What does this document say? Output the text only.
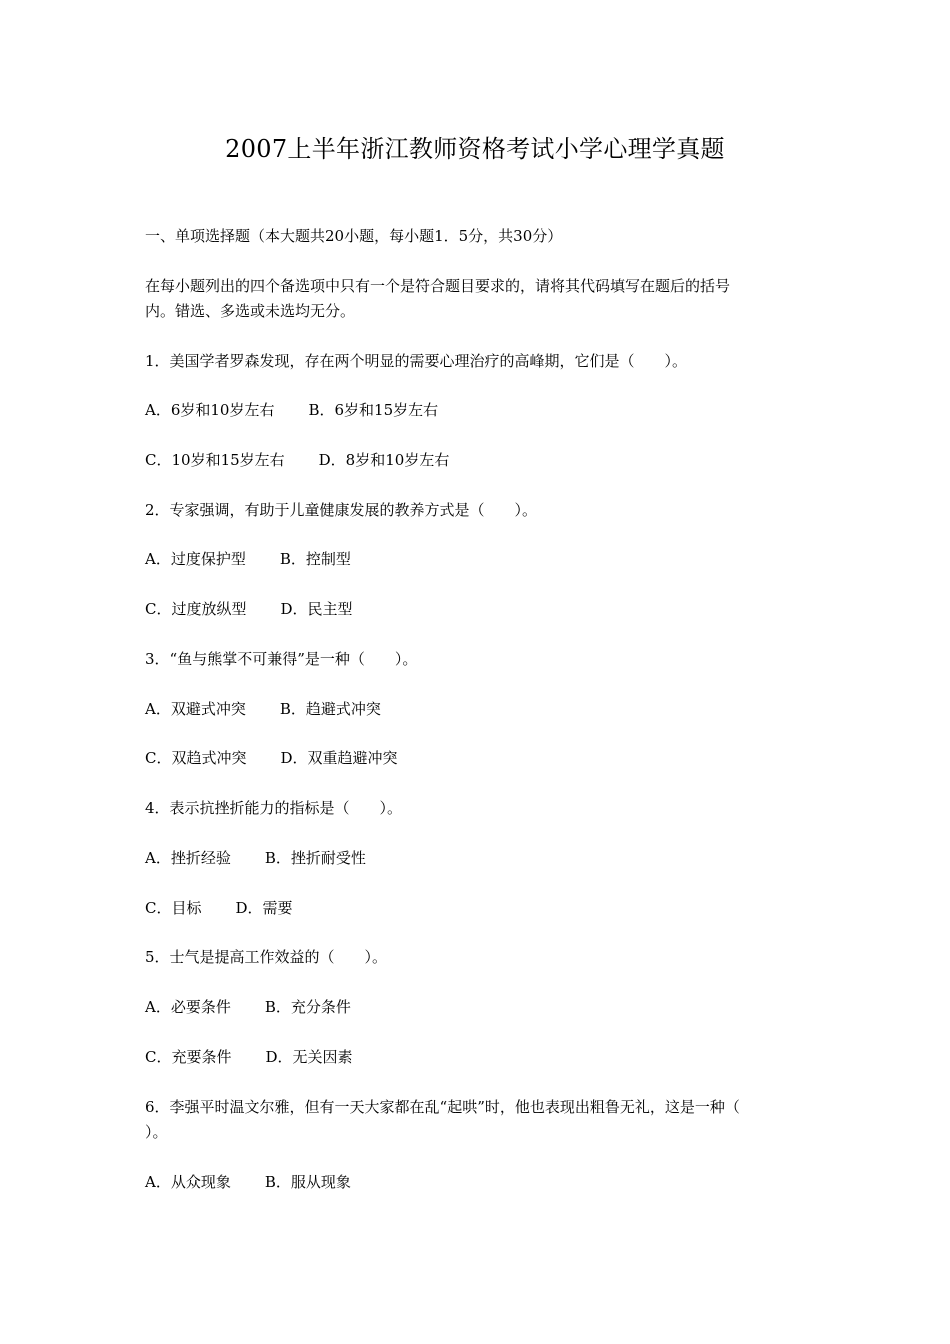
2007上半年浙江教师资格考试小学心理学真题
一、单项选择题（本大题共20小题，每小题1．5分，共30分）
在每小题列出的四个备选项中只有一个是符合题目要求的，请将其代码填写在题后的括号
内。错选、多选或未选均无分。
1．美国学者罗森发现，存在两个明显的需要心理治疗的高峰期，它们是（　　）。
A．6岁和10岁左右 B．6岁和15岁左右
C．10岁和15岁左右 D．8岁和10岁左右
2．专家强调，有助于儿童健康发展的教养方式是（　　）。
A．过度保护型 B．控制型
C．过度放纵型 D．民主型
3．“鱼与熊掌不可兼得”是一种（　　）。
A．双避式冲突 B．趋避式冲突
C．双趋式冲突 D．双重趋避冲突
4．表示抗挫折能力的指标是（　　）。
A．挫折经验 B．挫折耐受性
C．目标 D．需要
5．士气是提高工作效益的（　　）。
A．必要条件 B．充分条件
C．充要条件 D．无关因素
6．李强平时温文尔雅，但有一天大家都在乱“起哄”时，他也表现出粗鲁无礼，这是一种（
）。
A．从众现象 B．服从现象
